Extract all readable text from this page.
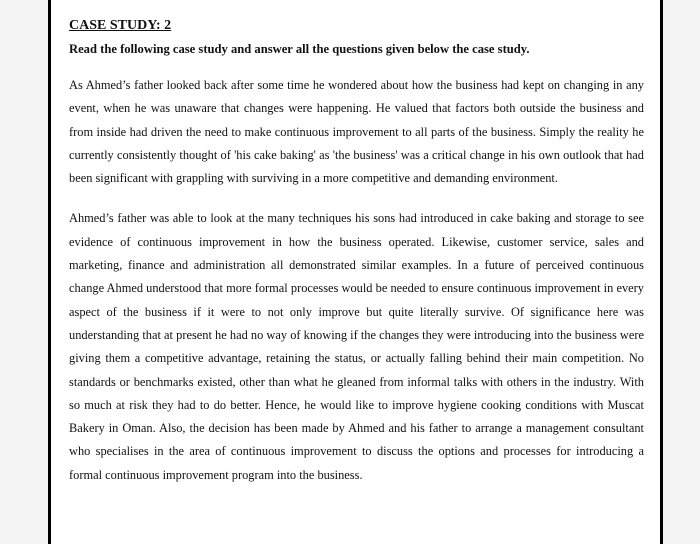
CASE STUDY: 2
Read the following case study and answer all the questions given below the case study.

As Ahmed’s father looked back after some time he wondered about how the business had kept on changing in any event, when he was unaware that changes were happening. He valued that factors both outside the business and from inside had driven the need to make continuous improvement to all parts of the business. Simply the reality he currently consistently thought of 'his cake baking' as 'the business' was a critical change in his own outlook that had been significant with grappling with surviving in a more competitive and demanding environment.

Ahmed’s father was able to look at the many techniques his sons had introduced in cake baking and storage to see evidence of continuous improvement in how the business operated. Likewise, customer service, sales and marketing, finance and administration all demonstrated similar examples. In a future of perceived continuous change Ahmed understood that more formal processes would be needed to ensure continuous improvement in every aspect of the business if it were to not only improve but quite literally survive. Of significance here was understanding that at present he had no way of knowing if the changes they were introducing into the business were giving them a competitive advantage, retaining the status, or actually falling behind their main competition. No standards or benchmarks existed, other than what he gleaned from informal talks with others in the industry. With so much at risk they had to do better. Hence, he would like to improve hygiene cooking conditions with Muscat Bakery in Oman. Also, the decision has been made by Ahmed and his father to arrange a management consultant who specialises in the area of continuous improvement to discuss the options and processes for introducing a formal continuous improvement program into the business.
